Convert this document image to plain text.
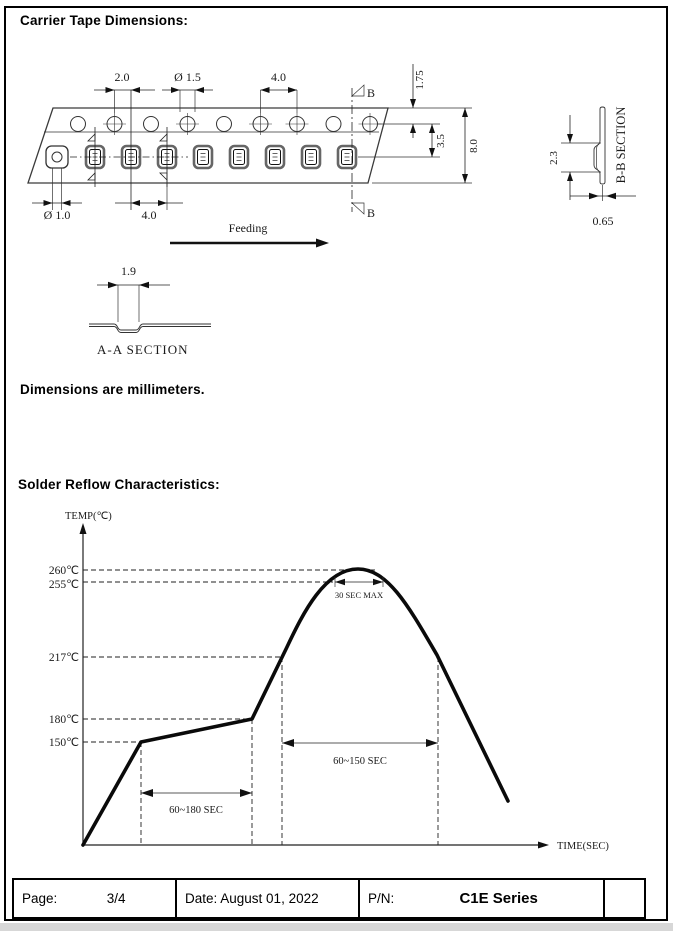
Carrier Tape Dimensions:
Dimensions are millimeters.
Solder Reflow Characteristics:
2.0	Ø 1.5	4.0	1.75
3.5 8.0
Ø 1.0	4.0
B
B
Feeding
2.3
0.65
B-B SECTION
1.9
A-A SECTION
TEMP(℃)
TIME(SEC)
260℃
255℃
217℃
180℃
150℃
30 SEC MAX
60~150 SEC
60~180 SEC
Page:	3/4	Date: August 01, 2022	P/N:	C1E Series
